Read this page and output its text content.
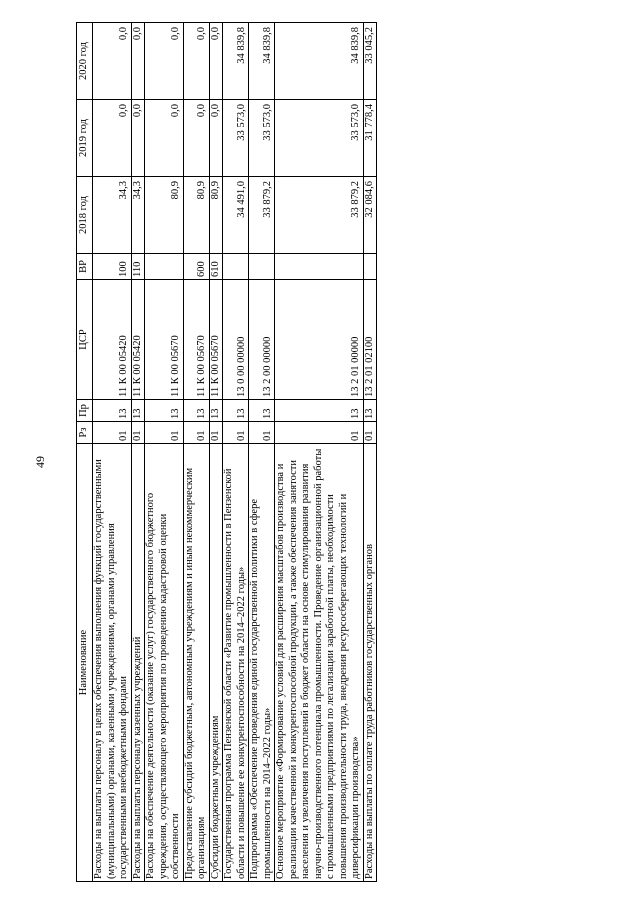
49
Наименование	Рз	Пр	ЦСР	ВР	2018 год	2019 год	2020 год
Расходы на выплаты персоналу в целях обеспечения выполнения функций государственными (муниципальными) органами, казенными учреждениями, органами управления государственными внебюджетными фондами	01	13	11 К 00 05420	100	34,3	0,0	0,0
Расходы на выплаты персоналу казенных учреждений	01	13	11 К 00 05420	110	34,3	0,0	0,0
Расходы на обеспечение деятельности (оказание услуг) государственного бюджетного учреждения, осуществляющего мероприятия по проведению кадастровой оценки собственности	01	13	11 К 00 05670		80,9	0,0	0,0
Предоставление субсидий бюджетным, автономным учреждениям и иным некоммерческим организациям	01	13	11 К 00 05670	600	80,9	0,0	0,0
Субсидии бюджетным учреждениям	01	13	11 К 00 05670	610	80,9	0,0	0,0
Государственная программа Пензенской области «Развитие промышленности в Пензенской области и повышение ее конкурентоспособности на 2014–2022 годы»	01	13	13 0 00 00000		34 491,0	33 573,0	34 839,8
Подпрограмма «Обеспечение проведения единой государственной политики в сфере промышленности на 2014–2022 годы»	01	13	13 2 00 00000		33 879,2	33 573,0	34 839,8
Основное мероприятие «Формирование условий для расширения масштабов производства и реализации качественной и конкурентоспособной продукции, а также обеспечения занятости населения и увеличения поступлений в бюджет области на основе стимулирования развития научно-производственного потенциала промышленности. Проведение организационной работы с промышленными предприятиями по легализации заработной платы, необходимости повышения производительности труда, внедрения ресурсосберегающих технологий и диверсификации производства»	01	13	13 2 01 00000		33 879,2	33 573,0	34 839,8
Расходы на выплаты по оплате труда работников государственных органов	01	13	13 2 01 02100		32 084,6	31 778,4	33 045,2
